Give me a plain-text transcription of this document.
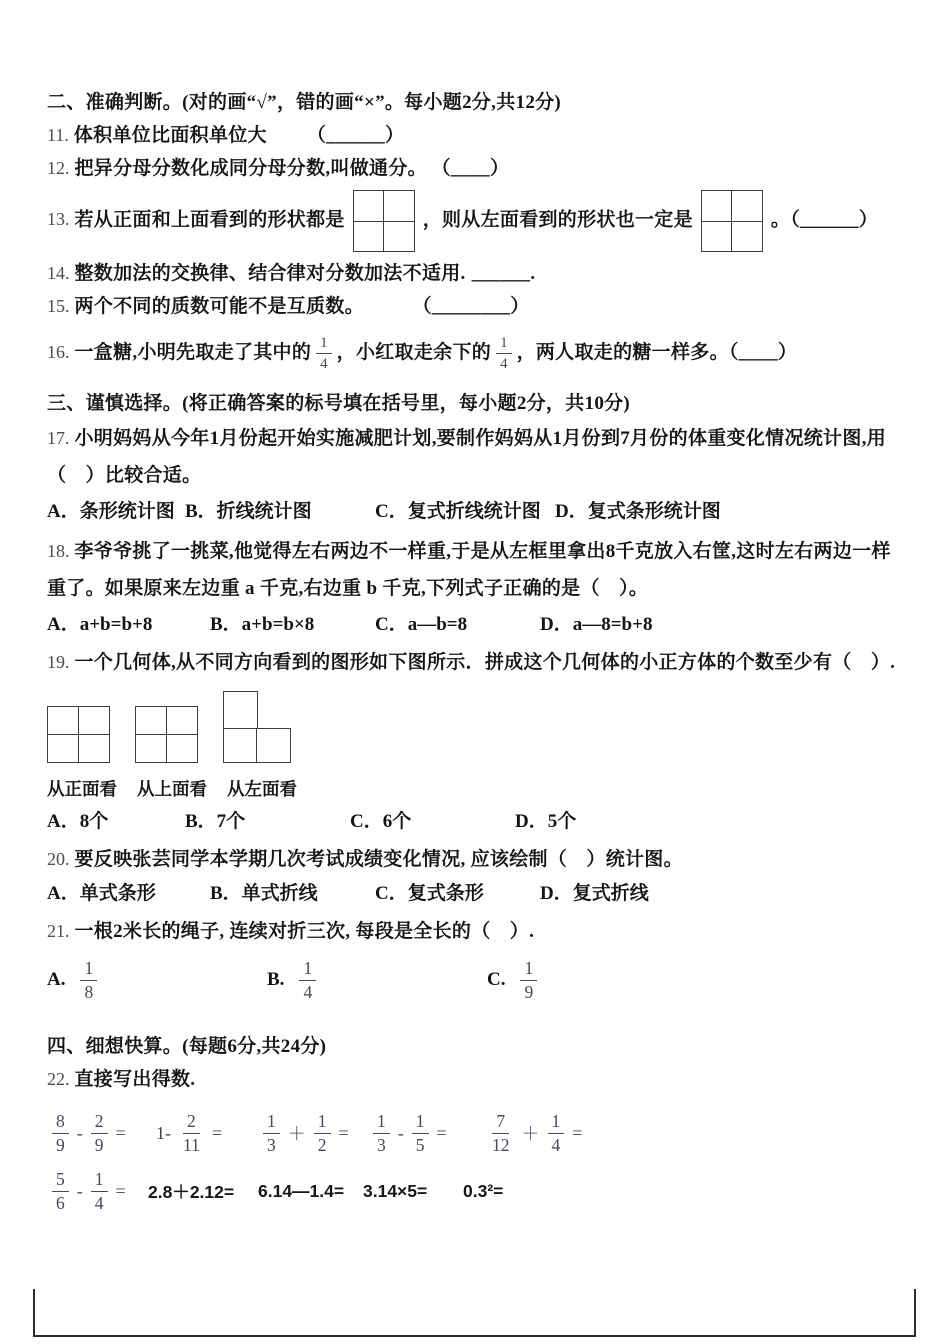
二、准确判断。(对的画“√”，错的画“×”。每小题2分,共12分)

11. 体积单位比面积单位大 （______）

12. 把异分母分数化成同分母分数,叫做通分。 （____）

13. 若从正面和上面看到的形状都是	，则从左面看到的形状也一定是	。（______）

14. 整数加法的交换律、结合律对分数加法不适用. ______.

15. 两个不同的质数可能不是互质数。	（________）

16. 一盒糖,小明先取走了其中的 $\frac{1}{4}$ ，小红取走余下的 $\frac{1}{4}$ ，两人取走的糖一样多。（____）

三、谨慎选择。(将正确答案的标号填在括号里，每小题2分，共10分)

17. 小明妈妈从今年1月份起开始实施减肥计划,要制作妈妈从1月份到7月份的体重变化情况统计图,用（　）比较合适。

A．条形统计图 B．折线统计图	C．复式折线统计图 D．复式条形统计图

18. 李爷爷挑了一挑菜,他觉得左右两边不一样重,于是从左框里拿出8千克放入右筐,这时左右两边一样重了。如果原来左边重 a 千克,右边重 b 千克,下列式子正确的是（　）。

A．a+b=b+8	B．a+b=b×8	C．a—b=8	D．a—8=b+8

19. 一个几何体,从不同方向看到的图形如下图所示．拼成这个几何体的小正方体的个数至少有（　）.

从正面看	从上面看	从左面看
A．8个	B．7个	C．6个	D．5个

20. 要反映张芸同学本学期几次考试成绩变化情况, 应该绘制（　）统计图。

A．单式条形	B．单式折线	C．复式条形	D．复式折线

21. 一根2米长的绳子, 连续对折三次, 每段是全长的（　）.

A. $\frac{1}{8}$	B. $\frac{1}{4}$	C. $\frac{1}{9}$

四、细想快算。(每题6分,共24分)

22. 直接写出得数.

$\frac{8}{9} - \frac{2}{9} = 1- \frac{2}{11} = \frac{1}{3} + \frac{1}{2} = \frac{1}{3} - \frac{1}{5} = \frac{7}{12} + \frac{1}{4}$ =
$\frac{5}{6} - \frac{1}{4} = 2.8+2.12=$	6.14—1.4=	3.14×5=	0.3²=
